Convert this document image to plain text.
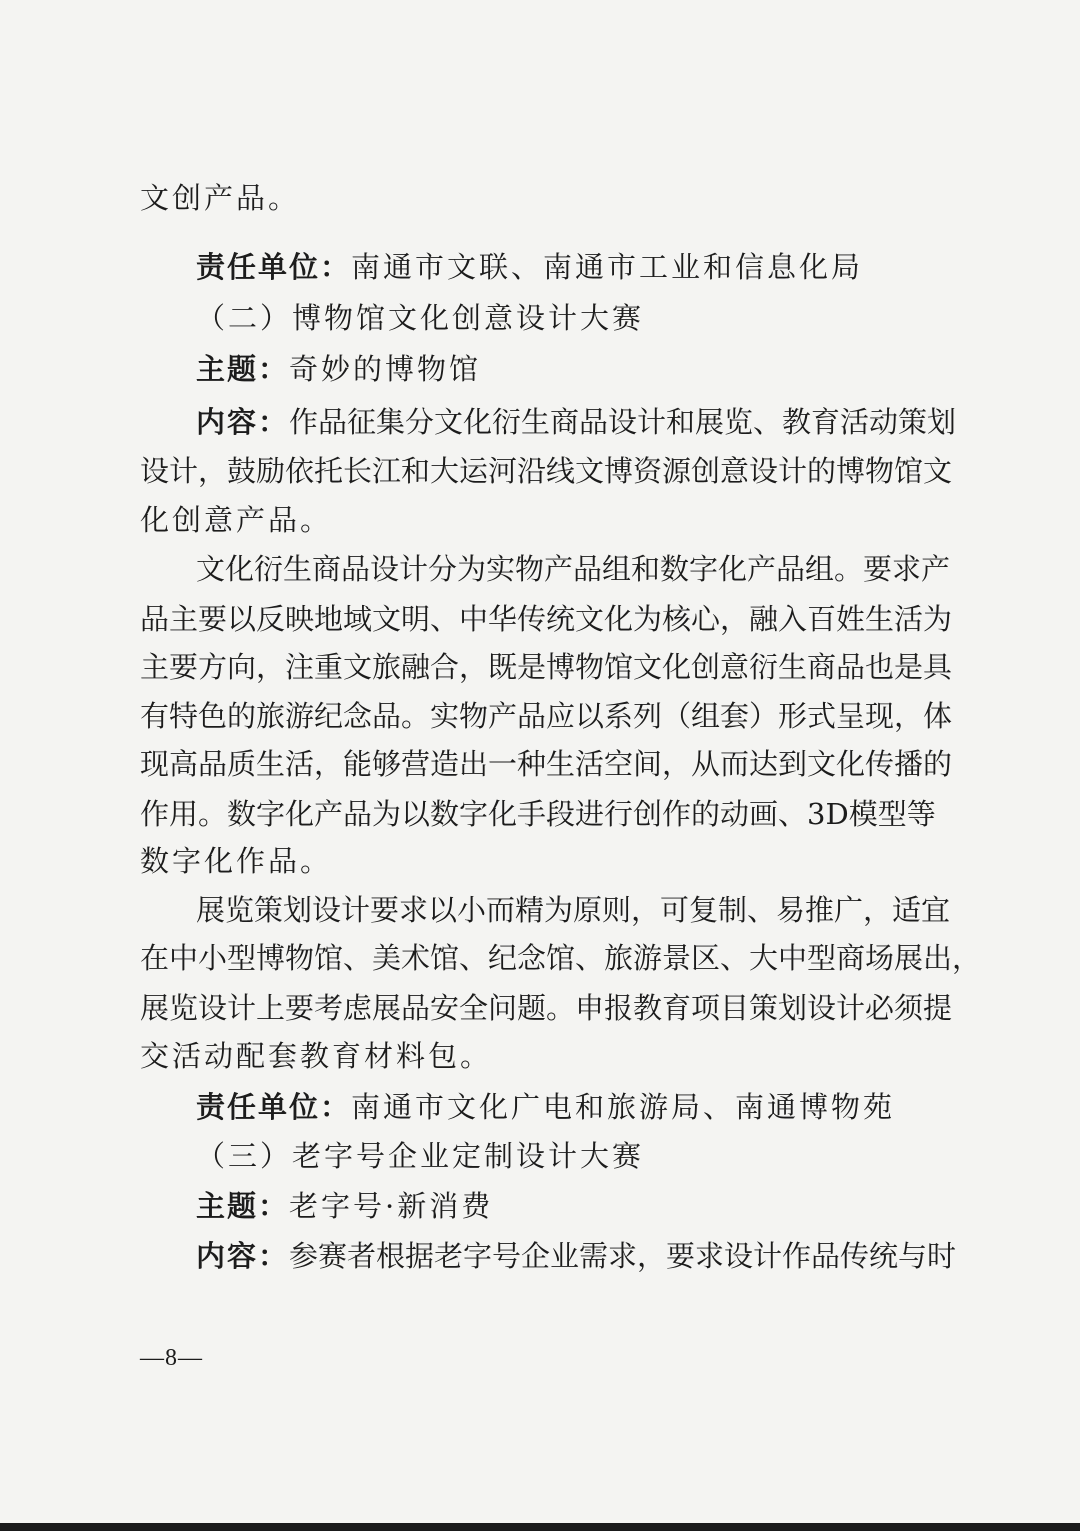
文创产品。
责任单位：南通市文联、南通市工业和信息化局
（二）博物馆文化创意设计大赛
主题：奇妙的博物馆
内容：作品征集分文化衍生商品设计和展览、教育活动策划
设计，鼓励依托长江和大运河沿线文博资源创意设计的博物馆文
化创意产品。
文化衍生商品设计分为实物产品组和数字化产品组。要求产
品主要以反映地域文明、中华传统文化为核心，融入百姓生活为
主要方向，注重文旅融合，既是博物馆文化创意衍生商品也是具
有特色的旅游纪念品。实物产品应以系列（组套）形式呈现，体
现高品质生活，能够营造出一种生活空间，从而达到文化传播的
作用。数字化产品为以数字化手段进行创作的动画、3D模型等
数字化作品。
展览策划设计要求以小而精为原则，可复制、易推广，适宜
在中小型博物馆、美术馆、纪念馆、旅游景区、大中型商场展出，
展览设计上要考虑展品安全问题。申报教育项目策划设计必须提
交活动配套教育材料包。
责任单位：南通市文化广电和旅游局、南通博物苑
（三）老字号企业定制设计大赛
主题：老字号·新消费
内容：参赛者根据老字号企业需求，要求设计作品传统与时
—8—
